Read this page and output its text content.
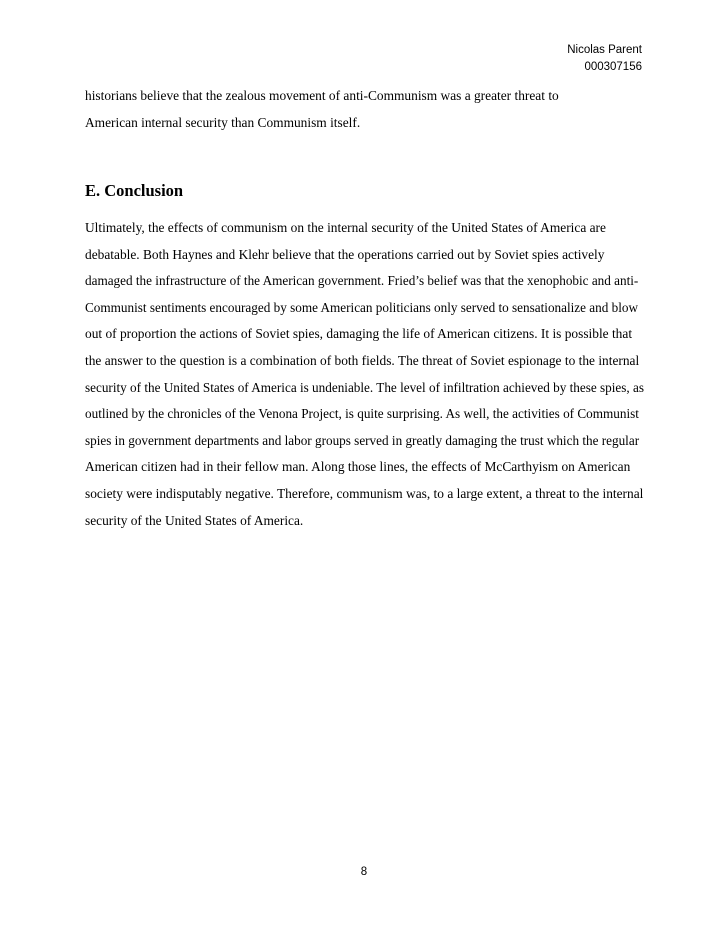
Nicolas Parent
000307156

historians believe that the zealous movement of anti-Communism was a greater threat to
American internal security than Communism itself.

E. Conclusion

Ultimately, the effects of communism on the internal security of the United States of America are
debatable. Both Haynes and Klehr believe that the operations carried out by Soviet spies actively
damaged the infrastructure of the American government. Fried’s belief was that the xenophobic and anti-
Communist sentiments encouraged by some American politicians only served to sensationalize and blow
out of proportion the actions of Soviet spies, damaging the life of American citizens. It is possible that
the answer to the question is a combination of both fields. The threat of Soviet espionage to the internal
security of the United States of America is undeniable. The level of infiltration achieved by these spies, as
outlined by the chronicles of the Venona Project, is quite surprising. As well, the activities of Communist
spies in government departments and labor groups served in greatly damaging the trust which the regular
American citizen had in their fellow man. Along those lines, the effects of McCarthyism on American
society were indisputably negative. Therefore, communism was, to a large extent, a threat to the internal
security of the United States of America.

8
